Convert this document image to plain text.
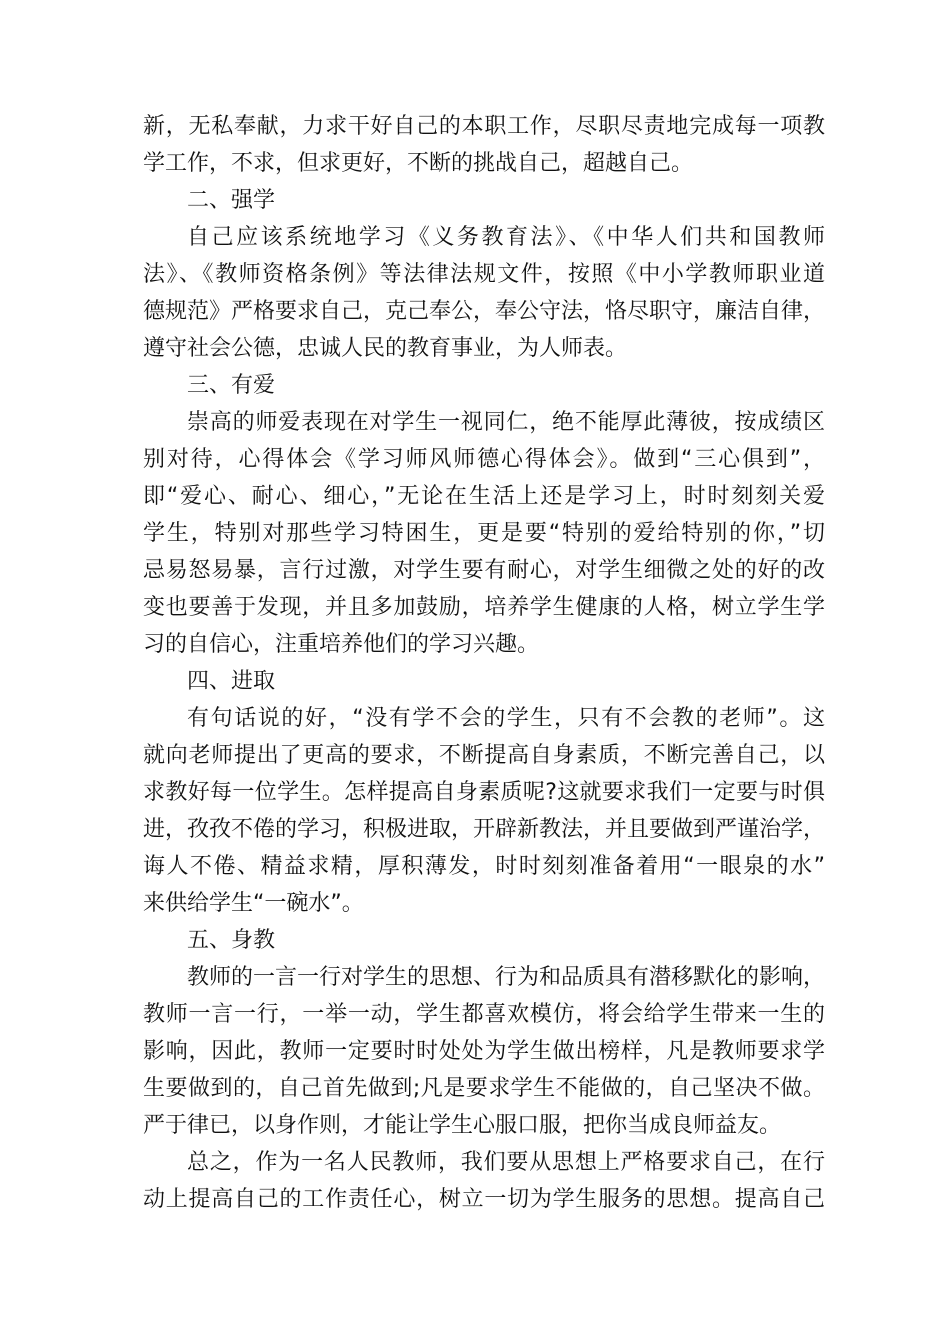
新，无私奉献，力求干好自己的本职工作，尽职尽责地完成每一项教
学工作，不求，但求更好，不断的挑战自己，超越自己。
二、强学
自己应该系统地学习《义务教育法》、《中华人们共和国教师
法》、《教师资格条例》等法律法规文件，按照《中小学教师职业道
德规范》严格要求自己，克己奉公，奉公守法，恪尽职守，廉洁自律，
遵守社会公德，忠诚人民的教育事业，为人师表。
三、有爱
崇高的师爱表现在对学生一视同仁，绝不能厚此薄彼，按成绩区
别对待，心得体会《学习师风师德心得体会》。做到“三心俱到”，
即“爱心、耐心、细心，”无论在生活上还是学习上，时时刻刻关爱
学生，特别对那些学习特困生，更是要“特别的爱给特别的你，”切
忌易怒易暴，言行过激，对学生要有耐心，对学生细微之处的好的改
变也要善于发现，并且多加鼓励，培养学生健康的人格，树立学生学
习的自信心，注重培养他们的学习兴趣。
四、进取
有句话说的好，“没有学不会的学生，只有不会教的老师”。这
就向老师提出了更高的要求，不断提高自身素质，不断完善自己，以
求教好每一位学生。怎样提高自身素质呢?这就要求我们一定要与时俱
进，孜孜不倦的学习，积极进取，开辟新教法，并且要做到严谨治学，
诲人不倦、精益求精，厚积薄发，时时刻刻准备着用“一眼泉的水”
来供给学生“一碗水”。
五、身教
教师的一言一行对学生的思想、行为和品质具有潜移默化的影响，
教师一言一行，一举一动，学生都喜欢模仿，将会给学生带来一生的
影响，因此，教师一定要时时处处为学生做出榜样，凡是教师要求学
生要做到的，自己首先做到;凡是要求学生不能做的，自己坚决不做。
严于律已，以身作则，才能让学生心服口服，把你当成良师益友。
总之，作为一名人民教师，我们要从思想上严格要求自己，在行
动上提高自己的工作责任心，树立一切为学生服务的思想。提高自己
